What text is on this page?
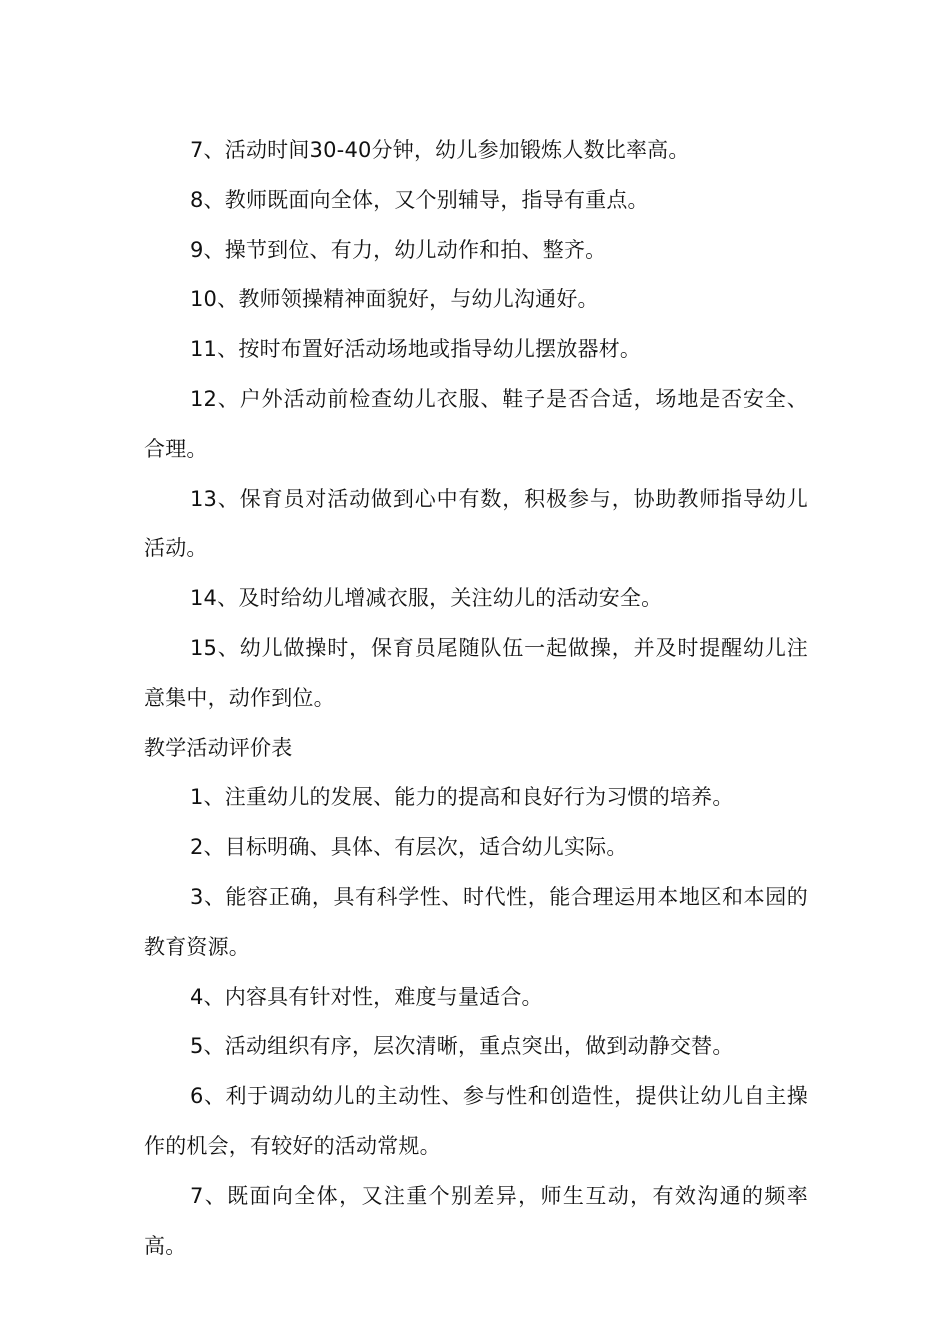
7、活动时间30-40分钟，幼儿参加锻炼人数比率高。

8、教师既面向全体，又个别辅导，指导有重点。

9、操节到位、有力，幼儿动作和拍、整齐。

10、教师领操精神面貌好，与幼儿沟通好。

11、按时布置好活动场地或指导幼儿摆放器材。

12、户外活动前检查幼儿衣服、鞋子是否合适，场地是否安全、合理。

13、保育员对活动做到心中有数，积极参与，协助教师指导幼儿活动。

14、及时给幼儿增减衣服，关注幼儿的活动安全。

15、幼儿做操时，保育员尾随队伍一起做操，并及时提醒幼儿注意集中，动作到位。

教学活动评价表

1、注重幼儿的发展、能力的提高和良好行为习惯的培养。

2、目标明确、具体、有层次，适合幼儿实际。

3、能容正确，具有科学性、时代性，能合理运用本地区和本园的教育资源。

4、内容具有针对性，难度与量适合。

5、活动组织有序，层次清晰，重点突出，做到动静交替。

6、利于调动幼儿的主动性、参与性和创造性，提供让幼儿自主操作的机会，有较好的活动常规。

7、既面向全体，又注重个别差异，师生互动，有效沟通的频率高。
